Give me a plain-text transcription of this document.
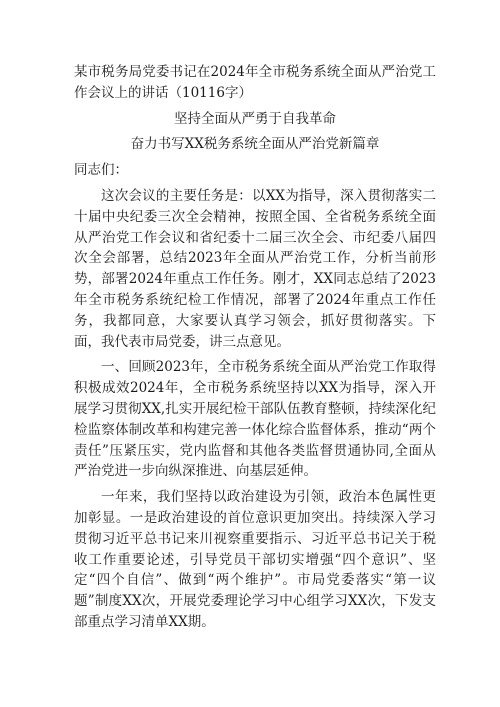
某市税务局党委书记在2024年全市税务系统全面从严治党工作会议上的讲话（10116字）
坚持全面从严勇于自我革命
奋力书写XX税务系统全面从严治党新篇章
同志们：

这次会议的主要任务是：以XX为指导，深入贯彻落实二十届中央纪委三次全会精神，按照全国、全省税务系统全面从严治党工作会议和省纪委十二届三次全会、市纪委八届四次全会部署，总结2023年全面从严治党工作，分析当前形势，部署2024年重点工作任务。刚才，XX同志总结了2023年全市税务系统纪检工作情况，部署了2024年重点工作任务，我都同意，大家要认真学习领会，抓好贯彻落实。下面，我代表市局党委，讲三点意见。

一、回顾2023年，全市税务系统全面从严治党工作取得积极成效2024年，全市税务系统坚持以XX为指导，深入开展学习贯彻XX,扎实开展纪检干部队伍教育整顿，持续深化纪检监察体制改革和构建完善一体化综合监督体系，推动“两个责任”压紧压实，党内监督和其他各类监督贯通协同,全面从严治党进一步向纵深推进、向基层延伸。

一年来，我们坚持以政治建设为引领，政治本色属性更加彰显。一是政治建设的首位意识更加突出。持续深入学习贯彻习近平总书记来川视察重要指示、习近平总书记关于税收工作重要论述，引导党员干部切实增强“四个意识”、坚定“四个自信”、做到“两个维护”。市局党委落实“第一议题”制度XX次，开展党委理论学习中心组学习XX次，下发支部重点学习清单XX期。
